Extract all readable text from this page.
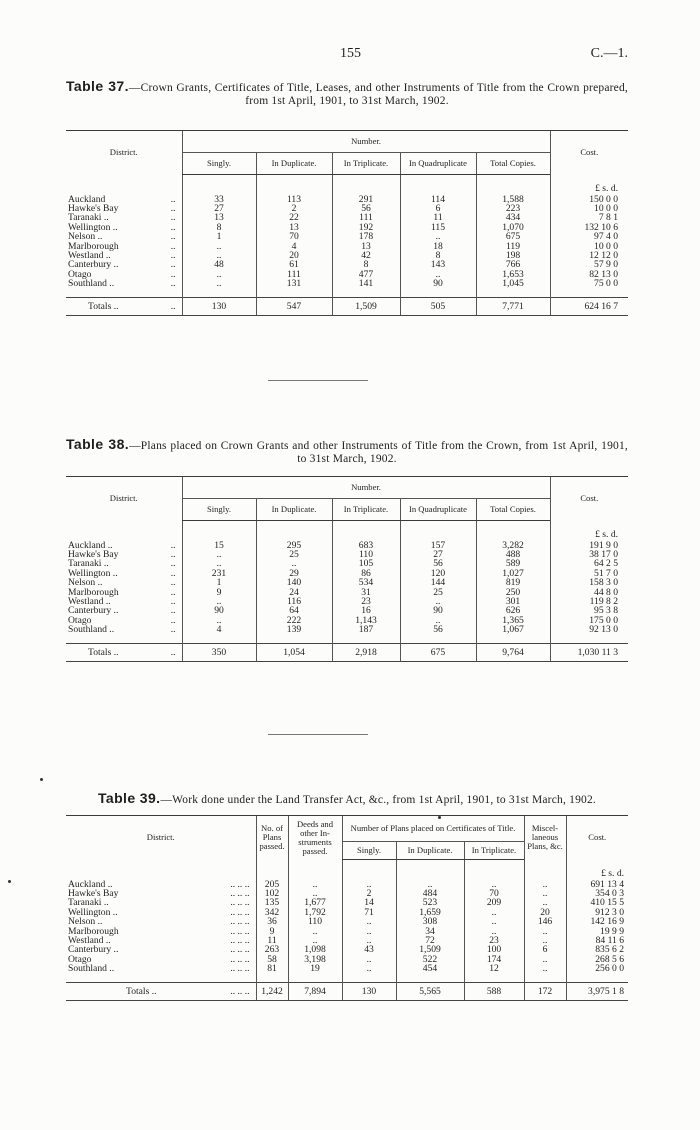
155	C.—1.

Table 37.—Crown Grants, Certificates of Title, Leases, and other Instruments of Title from the Crown prepared, from 1st April, 1901, to 31st March, 1902.

District.		Number.					Cost.
		Singly.	In Duplicate.	In Triplicate.	In Quadruplicate	Total Copies.	

							£ s. d.
Auckland	..	33	113	291	114	1,588	150 0 0
Hawke's Bay	..	27	2	56	6	223	10 0 0
Taranaki ..	..	13	22	111	11	434	7 8 1
Wellington ..	..	8	13	192	115	1,070	132 10 6
Nelson ..	..	1	70	178	..	675	97 4 0
Marlborough	..	..	4	13	18	119	10 0 0
Westland ..	..	..	20	42	8	198	12 12 0
Canterbury ..	..	48	61	8	143	766	57 9 0
Otago	..	..	111	477	..	1,653	82 13 0
Southland ..	..	..	131	141	90	1,045	75 0 0

Totals ..	..	130	547	1,509	505	7,771	624 16 7

Table 38.—Plans placed on Crown Grants and other Instruments of Title from the Crown, from 1st April, 1901, to 31st March, 1902.

District.		Number.					Cost.
		Singly.	In Duplicate.	In Triplicate.	In Quadruplicate	Total Copies.	

							£ s. d.
Auckland ..	..	15	295	683	157	3,282	191 9 0
Hawke's Bay	..	..	25	110	27	488	38 17 0
Taranaki ..	..	..	..	105	56	589	64 2 5
Wellington ..	..	231	29	86	120	1,027	51 7 0
Nelson ..	..	1	140	534	144	819	158 3 0
Marlborough	..	9	24	31	25	250	44 8 0
Westland ..	..	..	116	23	..	301	119 8 2
Canterbury ..	..	90	64	16	90	626	95 3 8
Otago	..	..	222	1,143	..	1,365	175 0 0
Southland ..	..	4	139	187	56	1,067	92 13 0

Totals ..	..	350	1,054	2,918	675	9,764	1,030 11 3

Table 39.—Work done under the Land Transfer Act, &c., from 1st April, 1901, to 31st March, 1902.

District.		No. of Plans passed.	Deeds and other In-struments passed.	Number of Plans placed on Certificates of Title.			Miscel-laneous Plans, &c.	Cost.
				Singly.	In Duplicate.	In Triplicate.		

								£ s. d.
Auckland ..	.. .. ..	205	..	..	..	..	..	691 13 4
Hawke's Bay	.. .. ..	102	..	2	484	70	..	354 0 3
Taranaki ..	.. .. ..	135	1,677	14	523	209	..	410 15 5
Wellington ..	.. .. ..	342	1,792	71	1,659	..	20	912 3 0
Nelson ..	.. .. ..	36	110	..	308	..	146	142 16 9
Marlborough	.. .. ..	9	..	..	34	..	..	19 9 9
Westland ..	.. .. ..	11	..	..	72	23	..	84 11 6
Canterbury ..	.. .. ..	263	1,098	43	1,509	100	6	835 6 2
Otago	.. .. ..	58	3,198	..	522	174	..	268 5 6
Southland ..	.. .. ..	81	19	..	454	12	..	256 0 0

Totals ..	.. .. ..	1,242	7,894	130	5,565	588	172	3,975 1 8
